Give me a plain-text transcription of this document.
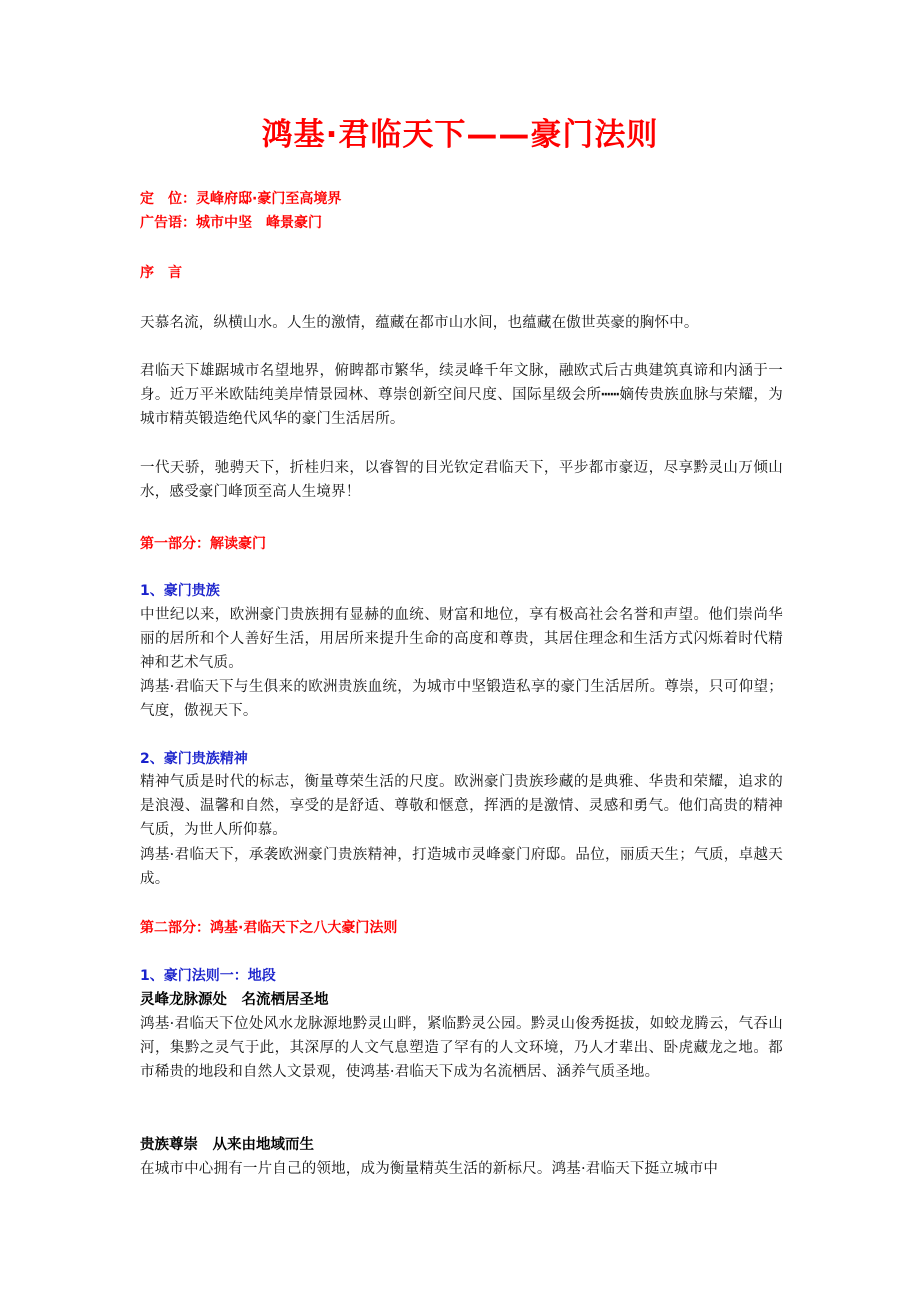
鸿基·君临天下——豪门法则
定　位：灵峰府邸·豪门至高境界
广告语：城市中坚　峰景豪门
序　言
天慕名流，纵横山水。人生的激情，蕴藏在都市山水间，也蕴藏在傲世英豪的胸怀中。
君临天下雄踞城市名望地界，俯睥都市繁华，续灵峰千年文脉，融欧式后古典建筑真谛和内涵于一身。近万平米欧陆纯美岸情景园林、尊崇创新空间尺度、国际星级会所┅┅嫡传贵族血脉与荣耀，为城市精英锻造绝代风华的豪门生活居所。
一代天骄，驰骋天下，折桂归来，以睿智的目光钦定君临天下，平步都市豪迈，尽享黔灵山万倾山水，感受豪门峰顶至高人生境界！
第一部分：解读豪门
1、豪门贵族
中世纪以来，欧洲豪门贵族拥有显赫的血统、财富和地位，享有极高社会名誉和声望。他们崇尚华丽的居所和个人善好生活，用居所来提升生命的高度和尊贵，其居住理念和生活方式闪烁着时代精神和艺术气质。
鸿基·君临天下与生俱来的欧洲贵族血统，为城市中坚锻造私享的豪门生活居所。尊崇，只可仰望；气度，傲视天下。
2、豪门贵族精神
精神气质是时代的标志，衡量尊荣生活的尺度。欧洲豪门贵族珍藏的是典雅、华贵和荣耀，追求的是浪漫、温馨和自然，享受的是舒适、尊敬和惬意，挥洒的是激情、灵感和勇气。他们高贵的精神气质，为世人所仰慕。
鸿基·君临天下，承袭欧洲豪门贵族精神，打造城市灵峰豪门府邸。品位，丽质天生；气质，卓越天成。
第二部分：鸿基·君临天下之八大豪门法则
1、豪门法则一：地段
灵峰龙脉源处　名流栖居圣地
鸿基·君临天下位处风水龙脉源地黔灵山畔，紧临黔灵公园。黔灵山俊秀挺拔，如蛟龙腾云，气吞山河，集黔之灵气于此，其深厚的人文气息塑造了罕有的人文环境，乃人才辈出、卧虎藏龙之地。都市稀贵的地段和自然人文景观，使鸿基·君临天下成为名流栖居、涵养气质圣地。
贵族尊崇　从来由地域而生
在城市中心拥有一片自己的领地，成为衡量精英生活的新标尺。鸿基·君临天下挺立城市中
